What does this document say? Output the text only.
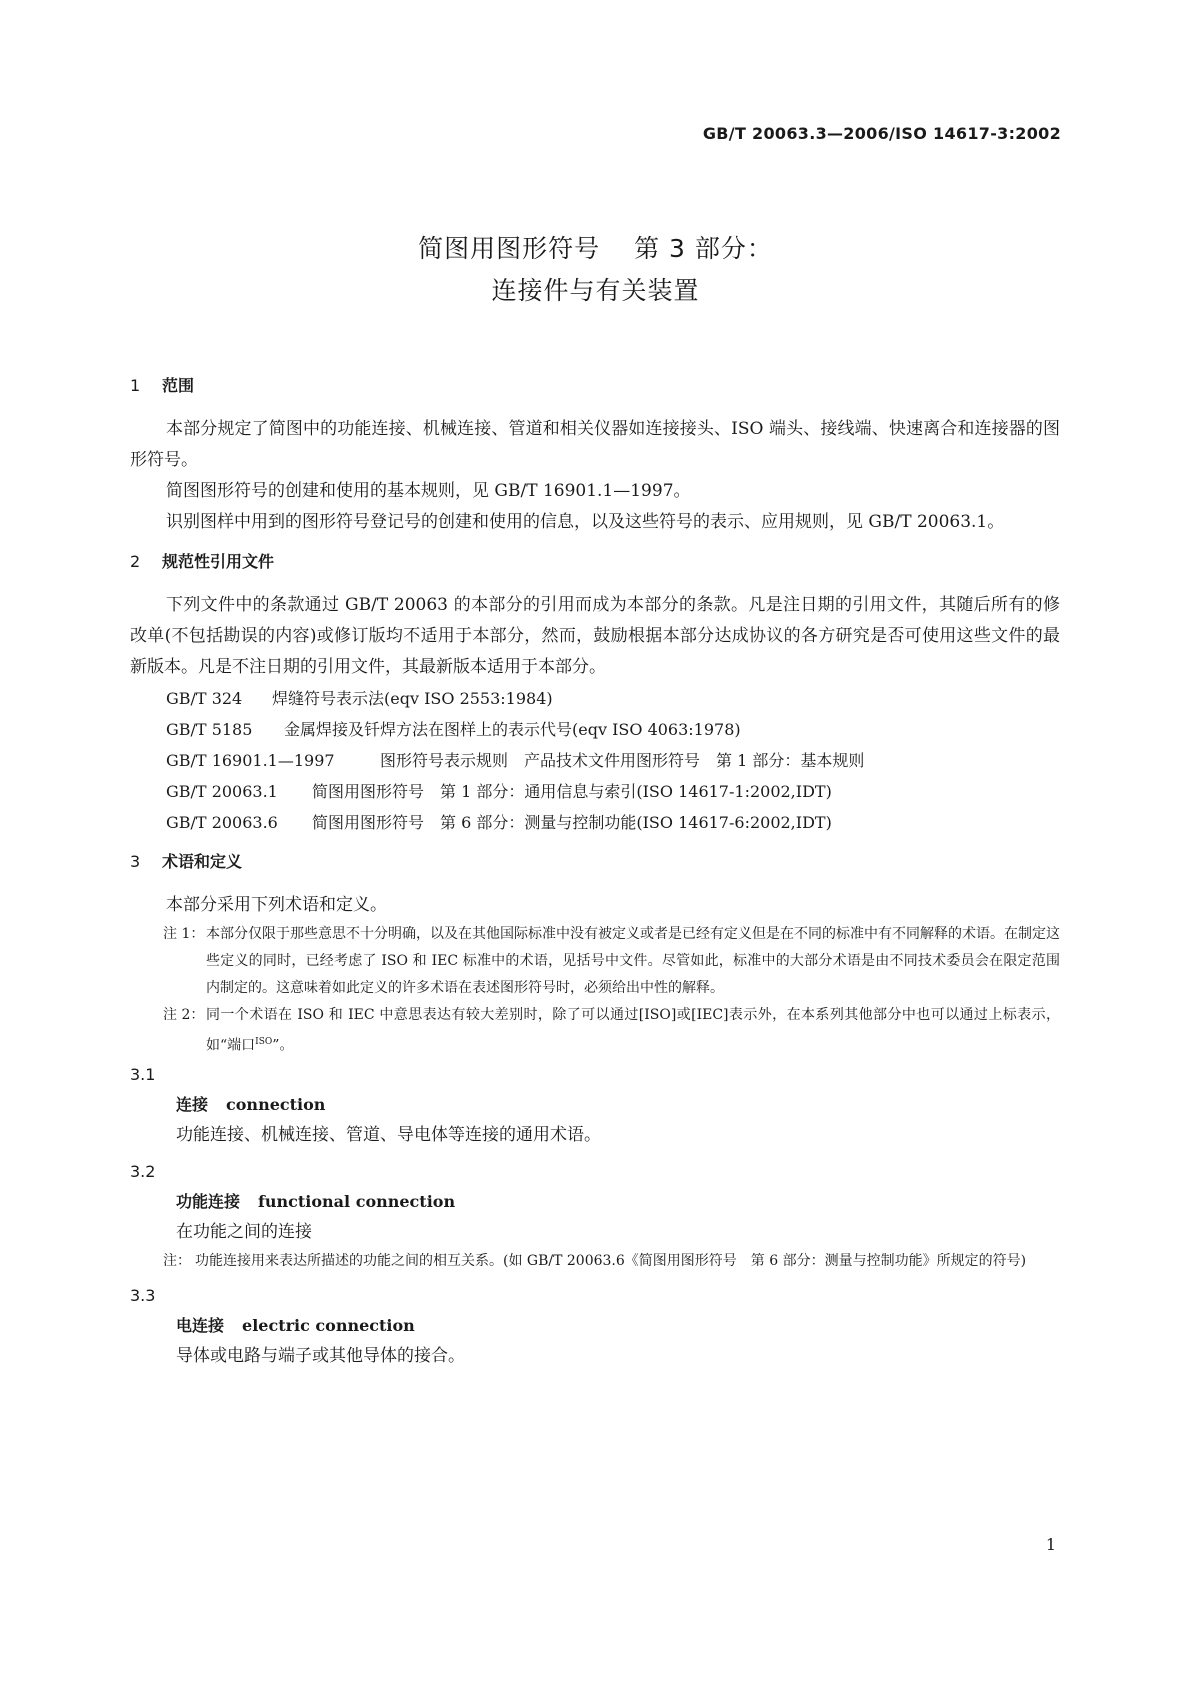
GB/T 20063.3—2006/ISO 14617-3:2002
简图用图形符号 第 3 部分：
连接件与有关装置
1 范围

本部分规定了简图中的功能连接、机械连接、管道和相关仪器如连接接头、ISO 端头、接线端、快速离合和连接器的图形符号。

简图图形符号的创建和使用的基本规则，见 GB/T 16901.1—1997。

识别图样中用到的图形符号登记号的创建和使用的信息，以及这些符号的表示、应用规则，见 GB/T 20063.1。

2 规范性引用文件

下列文件中的条款通过 GB/T 20063 的本部分的引用而成为本部分的条款。凡是注日期的引用文件，其随后所有的修改单(不包括勘误的内容)或修订版均不适用于本部分，然而，鼓励根据本部分达成协议的各方研究是否可使用这些文件的最新版本。凡是不注日期的引用文件，其最新版本适用于本部分。

GB/T 324 焊缝符号表示法(eqv ISO 2553:1984)
GB/T 5185 金属焊接及钎焊方法在图样上的表示代号(eqv ISO 4063:1978)
GB/T 16901.1—1997	图形符号表示规则　产品技术文件用图形符号　第 1 部分：基本规则
GB/T 20063.1 简图用图形符号　第 1 部分：通用信息与索引(ISO 14617-1:2002,IDT)
GB/T 20063.6 简图用图形符号　第 6 部分：测量与控制功能(ISO 14617-6:2002,IDT)
3 术语和定义

本部分采用下列术语和定义。

注 1： 本部分仅限于那些意思不十分明确，以及在其他国际标准中没有被定义或者是已经有定义但是在不同的标准中有不同解释的术语。在制定这些定义的同时，已经考虑了 ISO 和 IEC 标准中的术语，见括号中文件。尽管如此，标准中的大部分术语是由不同技术委员会在限定范围内制定的。这意味着如此定义的许多术语在表述图形符号时，必须给出中性的解释。
注 2： 同一个术语在 ISO 和 IEC 中意思表达有较大差别时，除了可以通过[ISO]或[IEC]表示外，在本系列其他部分中也可以通过上标表示，如“端口$^{ISO}$”。
3.1
连接 connection
功能连接、机械连接、管道、导电体等连接的通用术语。
3.2
功能连接 functional connection
在功能之间的连接
注： 功能连接用来表达所描述的功能之间的相互关系。(如 GB/T 20063.6《简图用图形符号　第 6 部分：测量与控制功能》所规定的符号)
3.3
电连接 electric connection
导体或电路与端子或其他导体的接合。
1
